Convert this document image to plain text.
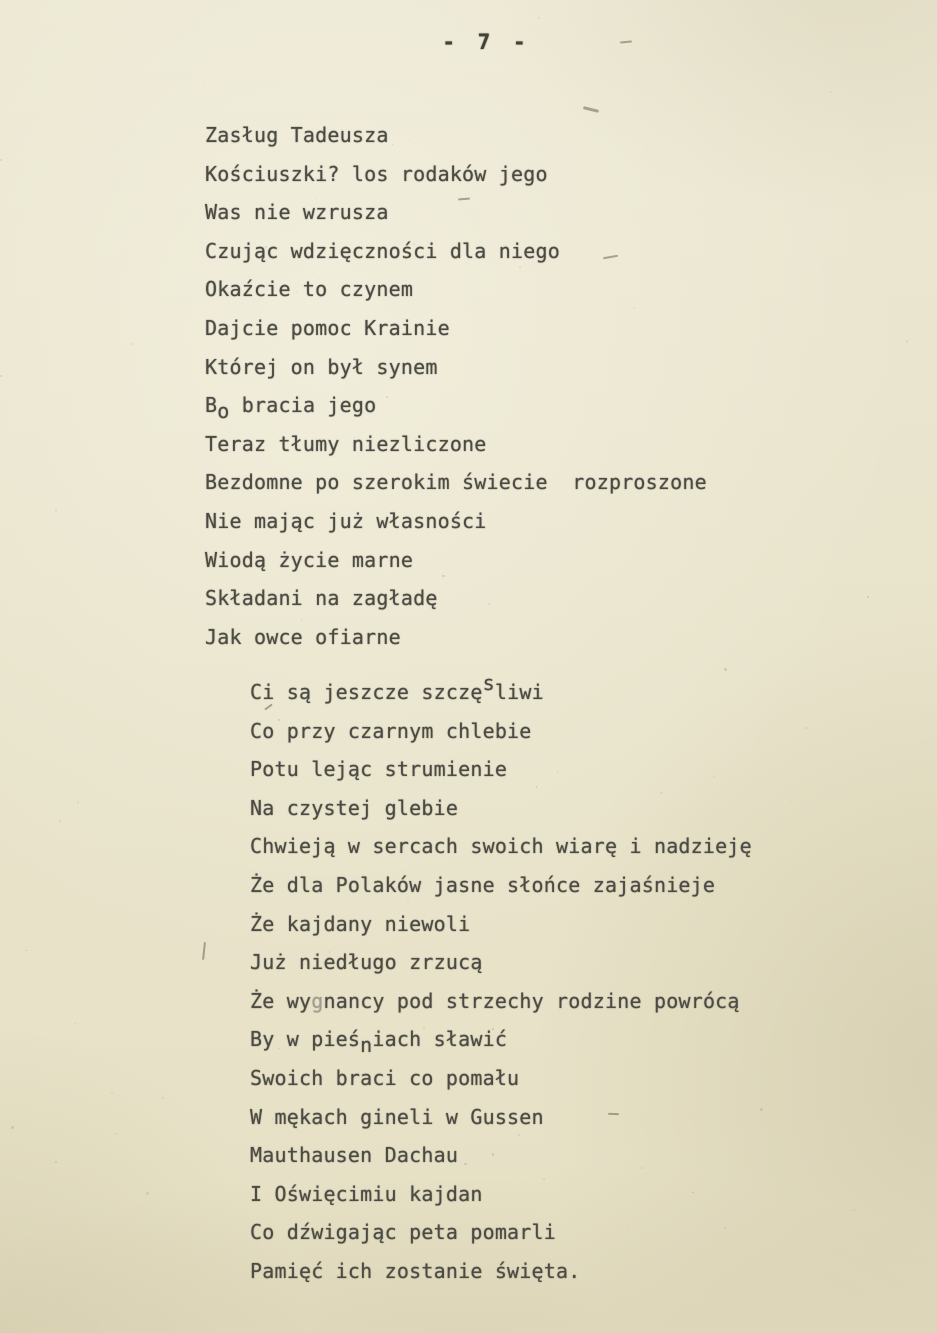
- 7 -
Zasług Tadeusza
Kościuszki? los rodaków jego
Was nie wzrusza
Czując wdzięczności dla niego
Okaźcie to czynem
Dajcie pomoc Krainie
Której on był synem
Bo bracia jego
Teraz tłumy niezliczone
Bezdomne po szerokim świecie  rozproszone
Nie mając już własności
Wiodą życie marne
Składani na zagładę
Jak owce ofiarne
Ci są jeszcze szczęsliwi
Co przy czarnym chlebie
Potu lejąc strumienie
Na czystej glebie
Chwieją w sercach swoich wiarę i nadzieję
Że dla Polaków jasne słońce zajaśnieje
Że kajdany niewoli
Już niedługo zrzucą
Że wygnancy pod strzechy rodzine powrócą
By w pieśniach sławić
Swoich braci co pomału
W mękach gineli w Gussen
Mauthausen Dachau
I Oświęcimiu kajdan
Co dźwigając peta pomarli
Pamięć ich zostanie święta.
